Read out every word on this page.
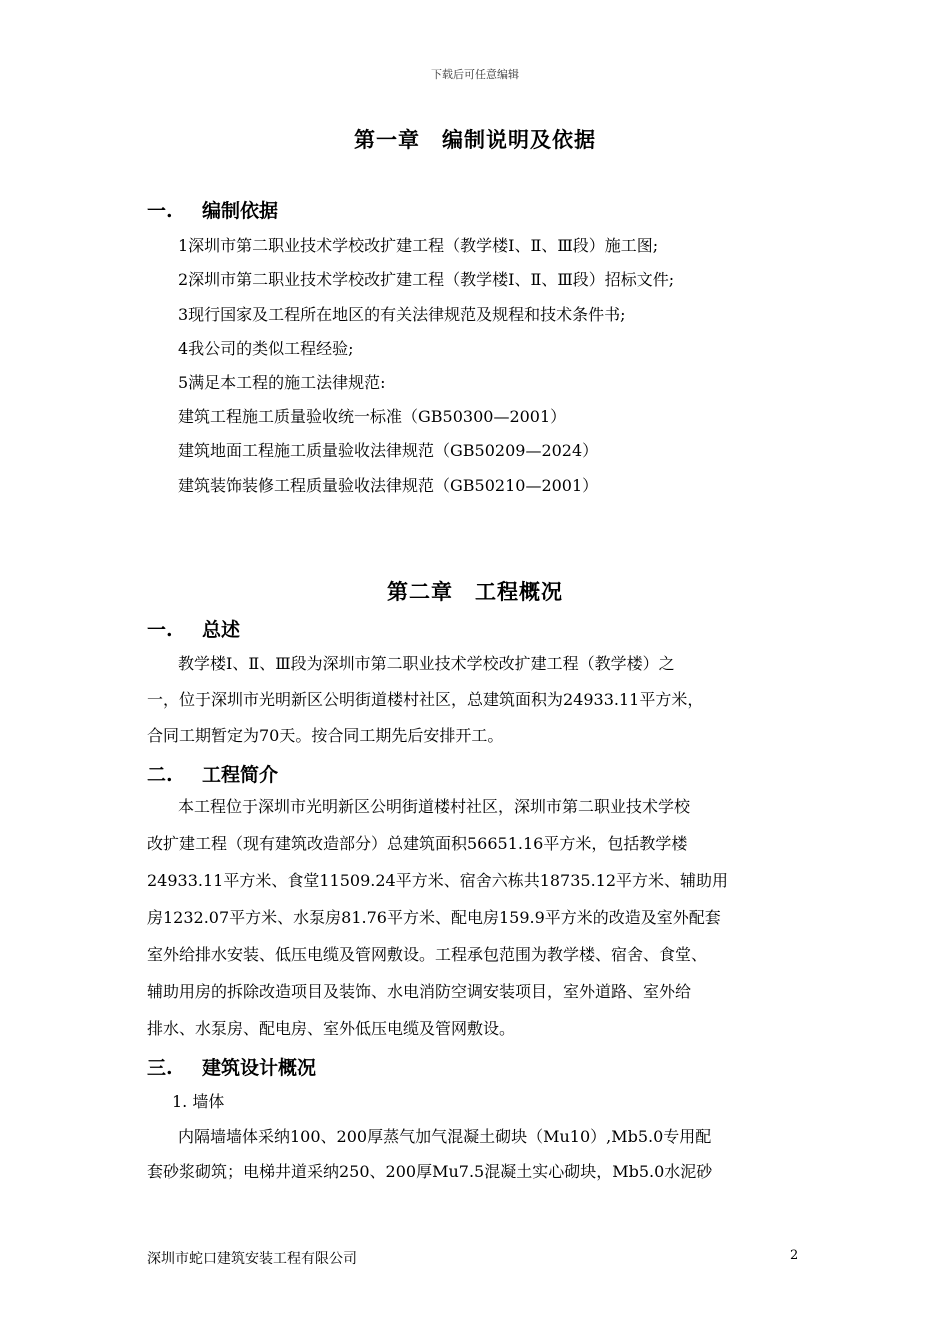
下载后可任意编辑
第一章　编制说明及依据
一. 编制依据
1深圳市第二职业技术学校改扩建工程（教学楼Ⅰ、Ⅱ、Ⅲ段）施工图;
2深圳市第二职业技术学校改扩建工程（教学楼Ⅰ、Ⅱ、Ⅲ段）招标文件;
3现行国家及工程所在地区的有关法律规范及规程和技术条件书;
4我公司的类似工程经验;
5满足本工程的施工法律规范:
建筑工程施工质量验收统一标准（GB50300—2001）
建筑地面工程施工质量验收法律规范（GB50209—2024）
建筑装饰装修工程质量验收法律规范（GB50210—2001）
第二章　工程概况
一. 总述
教学楼Ⅰ、Ⅱ、Ⅲ段为深圳市第二职业技术学校改扩建工程（教学楼）之
一，位于深圳市光明新区公明街道楼村社区，总建筑面积为24933.11平方米，
合同工期暂定为70天。按合同工期先后安排开工。
二. 工程简介
本工程位于深圳市光明新区公明街道楼村社区，深圳市第二职业技术学校
改扩建工程（现有建筑改造部分）总建筑面积56651.16平方米，包括教学楼
24933.11平方米、食堂11509.24平方米、宿舍六栋共18735.12平方米、辅助用
房1232.07平方米、水泵房81.76平方米、配电房159.9平方米的改造及室外配套
室外给排水安装、低压电缆及管网敷设。工程承包范围为教学楼、宿舍、食堂、
辅助用房的拆除改造项目及装饰、水电消防空调安装项目，室外道路、室外给
排水、水泵房、配电房、室外低压电缆及管网敷设。
三. 建筑设计概况
1. 墙体
内隔墙墙体采纳100、200厚蒸气加气混凝土砌块（Mu10）,Mb5.0专用配
套砂浆砌筑；电梯井道采纳250、200厚Mu7.5混凝土实心砌块，Mb5.0水泥砂
深圳市蛇口建筑安装工程有限公司	2
